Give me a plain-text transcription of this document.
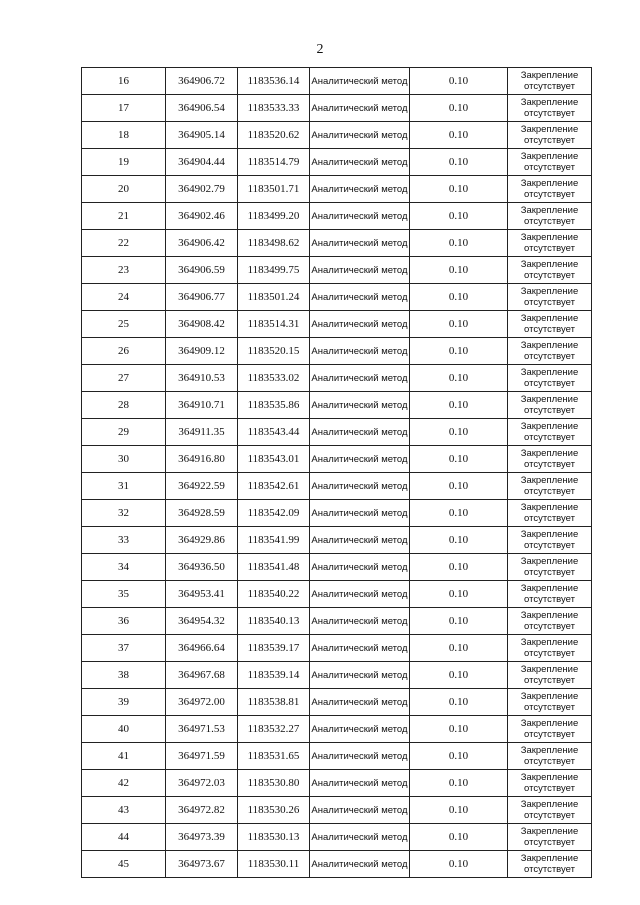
2
16	364906.72	1183536.14	Аналитический метод	0.10	Закрепление отсутствует
17	364906.54	1183533.33	Аналитический метод	0.10	Закрепление отсутствует
18	364905.14	1183520.62	Аналитический метод	0.10	Закрепление отсутствует
19	364904.44	1183514.79	Аналитический метод	0.10	Закрепление отсутствует
20	364902.79	1183501.71	Аналитический метод	0.10	Закрепление отсутствует
21	364902.46	1183499.20	Аналитический метод	0.10	Закрепление отсутствует
22	364906.42	1183498.62	Аналитический метод	0.10	Закрепление отсутствует
23	364906.59	1183499.75	Аналитический метод	0.10	Закрепление отсутствует
24	364906.77	1183501.24	Аналитический метод	0.10	Закрепление отсутствует
25	364908.42	1183514.31	Аналитический метод	0.10	Закрепление отсутствует
26	364909.12	1183520.15	Аналитический метод	0.10	Закрепление отсутствует
27	364910.53	1183533.02	Аналитический метод	0.10	Закрепление отсутствует
28	364910.71	1183535.86	Аналитический метод	0.10	Закрепление отсутствует
29	364911.35	1183543.44	Аналитический метод	0.10	Закрепление отсутствует
30	364916.80	1183543.01	Аналитический метод	0.10	Закрепление отсутствует
31	364922.59	1183542.61	Аналитический метод	0.10	Закрепление отсутствует
32	364928.59	1183542.09	Аналитический метод	0.10	Закрепление отсутствует
33	364929.86	1183541.99	Аналитический метод	0.10	Закрепление отсутствует
34	364936.50	1183541.48	Аналитический метод	0.10	Закрепление отсутствует
35	364953.41	1183540.22	Аналитический метод	0.10	Закрепление отсутствует
36	364954.32	1183540.13	Аналитический метод	0.10	Закрепление отсутствует
37	364966.64	1183539.17	Аналитический метод	0.10	Закрепление отсутствует
38	364967.68	1183539.14	Аналитический метод	0.10	Закрепление отсутствует
39	364972.00	1183538.81	Аналитический метод	0.10	Закрепление отсутствует
40	364971.53	1183532.27	Аналитический метод	0.10	Закрепление отсутствует
41	364971.59	1183531.65	Аналитический метод	0.10	Закрепление отсутствует
42	364972.03	1183530.80	Аналитический метод	0.10	Закрепление отсутствует
43	364972.82	1183530.26	Аналитический метод	0.10	Закрепление отсутствует
44	364973.39	1183530.13	Аналитический метод	0.10	Закрепление отсутствует
45	364973.67	1183530.11	Аналитический метод	0.10	Закрепление отсутствует
